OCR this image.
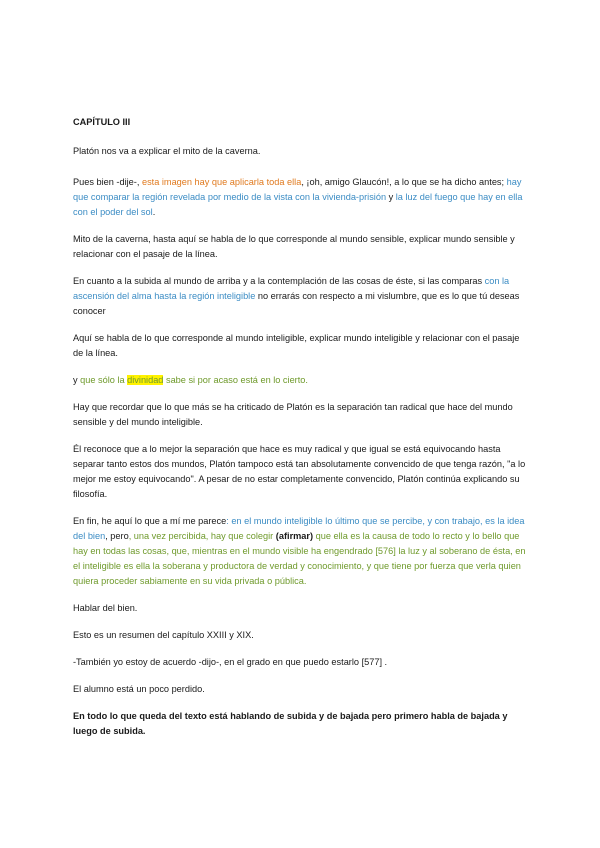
CAPÍTULO III

Platón nos va a explicar el mito de la caverna.

Pues bien -dije-, esta imagen hay que aplicarla toda ella, ¡oh, amigo Glaucón!, a lo que se ha dicho antes; hay que comparar la región revelada por medio de la vista con la vivienda-prisión y la luz del fuego que hay en ella con el poder del sol.

Mito de la caverna, hasta aquí se habla de lo que corresponde al mundo sensible, explicar mundo sensible y relacionar con el pasaje de la línea.

En cuanto a la subida al mundo de arriba y a la contemplación de las cosas de éste, si las comparas con la ascensión del alma hasta la región inteligible no errarás con respecto a mi vislumbre, que es lo que tú deseas conocer

Aquí se habla de lo que corresponde al mundo inteligible, explicar mundo inteligible y relacionar con el pasaje de la línea.

y que sólo la divinidad sabe si por acaso está en lo cierto.

Hay que recordar que lo que más se ha criticado de Platón es la separación tan radical que hace del mundo sensible y del mundo inteligible.

Él reconoce que a lo mejor la separación que hace es muy radical y que igual se está equivocando hasta separar tanto estos dos mundos, Platón tampoco está tan absolutamente convencido de que tenga razón, "a lo mejor me estoy equivocando". A pesar de no estar completamente convencido, Platón continúa explicando su filosofía.

En fin, he aquí lo que a mí me parece: en el mundo inteligible lo último que se percibe, y con trabajo, es la idea del bien, pero, una vez percibida, hay que colegir (afirmar) que ella es la causa de todo lo recto y lo bello que hay en todas las cosas, que, mientras en el mundo visible ha engendrado [576] la luz y al soberano de ésta, en el inteligible es ella la soberana y productora de verdad y conocimiento, y que tiene por fuerza que verla quien quiera proceder sabiamente en su vida privada o pública.

Hablar del bien.

Esto es un resumen del capítulo XXIII y XIX.

-También yo estoy de acuerdo -dijo-, en el grado en que puedo estarlo [577] .

El alumno está un poco perdido.

En todo lo que queda del texto está hablando de subida y de bajada pero primero habla de bajada y luego de subida.
